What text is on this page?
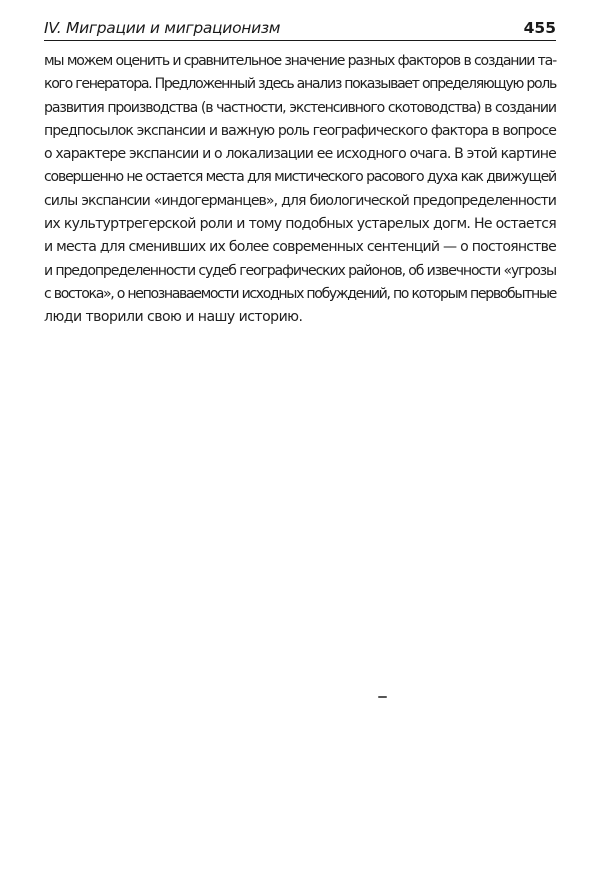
IV. Миграции и миграционизм	455
мы можем оценить и сравнительное значение разных факторов в создании та-
кого генератора. Предложенный здесь анализ показывает определяющую роль
развития производства (в частности, экстенсивного скотоводства) в создании
предпосылок экспансии и важную роль географического фактора в вопросе
о характере экспансии и о локализации ее исходного очага. В этой картине
совершенно не остается места для мистического расового духа как движущей
силы экспансии «индогерманцев», для биологической предопределенности
их культуртрегерской роли и тому подобных устарелых догм. Не остается
и места для сменивших их более современных сентенций — о постоянстве
и предопределенности судеб географических районов, об извечности «угрозы
с востока», о непознаваемости исходных побуждений, по которым первобытные
люди творили свою и нашу историю.
